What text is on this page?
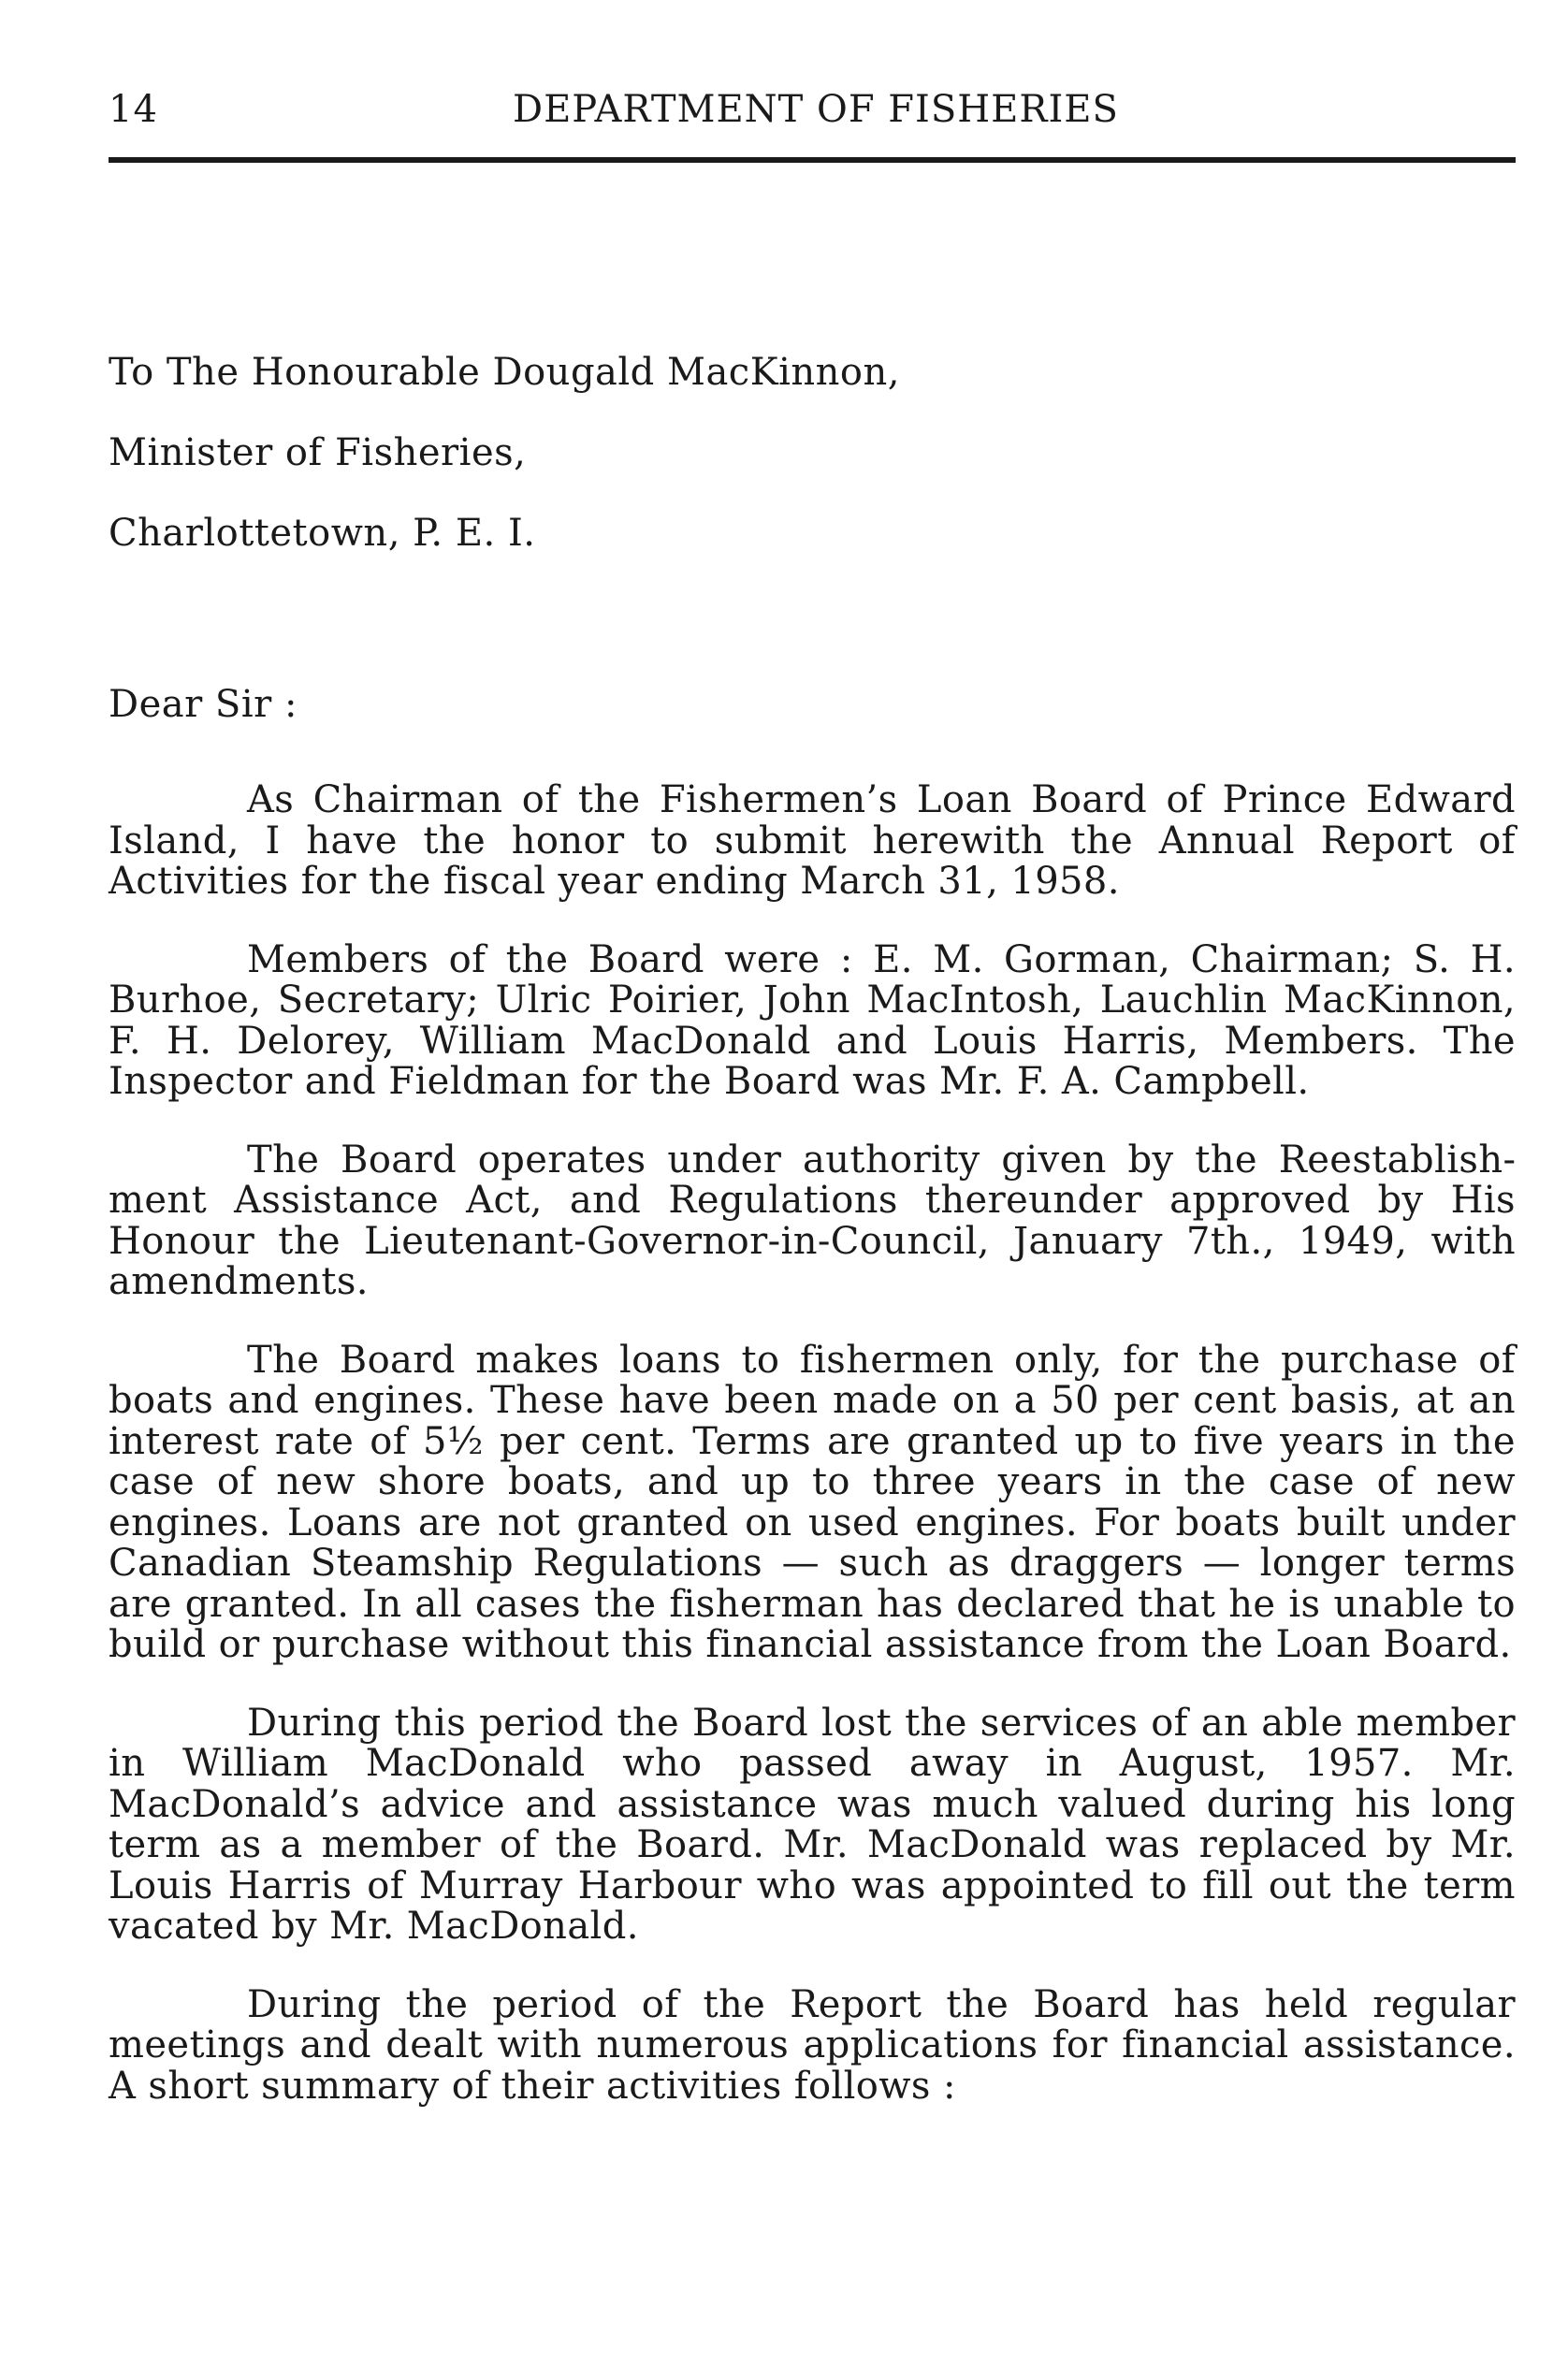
14	DEPARTMENT OF FISHERIES
To The Honourable Dougald MacKinnon,
Minister of Fisheries,
Charlottetown, P. E. I.
Dear Sir :

As Chairman of the Fishermen’s Loan Board of Prince Edward Island, I have the honor to submit herewith the Annual Report of Activities for the fiscal year ending March 31, 1958.

Members of the Board were : E. M. Gorman, Chairman; S. H. Burhoe, Secretary; Ulric Poirier, John MacIntosh, Lauchlin MacKinnon, F. H. Delorey, William MacDonald and Louis Harris, Members. The Inspector and Fieldman for the Board was Mr. F. A. Campbell.

The Board operates under authority given by the Reestablishment Assistance Act, and Regulations thereunder approved by His Honour the Lieutenant-Governor-in-Council, January 7th., 1949, with amendments.

The Board makes loans to fishermen only, for the purchase of boats and engines. These have been made on a 50 per cent basis, at an interest rate of 5½ per cent. Terms are granted up to five years in the case of new shore boats, and up to three years in the case of new engines. Loans are not granted on used engines. For boats built under Canadian Steamship Regulations — such as draggers — longer terms are granted. In all cases the fisherman has declared that he is unable to build or purchase without this financial assistance from the Loan Board.

During this period the Board lost the services of an able member in William MacDonald who passed away in August, 1957. Mr. MacDonald’s advice and assistance was much valued during his long term as a member of the Board. Mr. MacDonald was replaced by Mr. Louis Harris of Murray Harbour who was appointed to fill out the term vacated by Mr. MacDonald.

During the period of the Report the Board has held regular meetings and dealt with numerous applications for financial assistance. A short summary of their activities follows :
